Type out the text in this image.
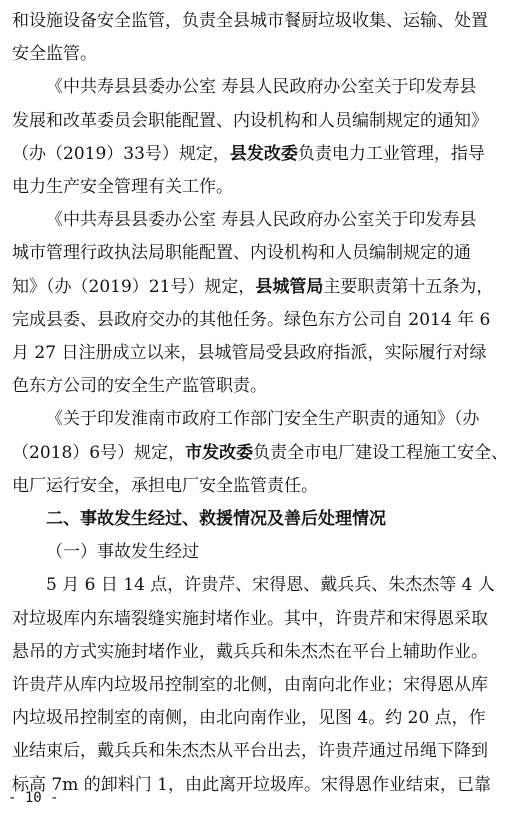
和设施设备安全监管，负责全县城市餐厨垃圾收集、运输、处置
安全监管。
《中共寿县县委办公室 寿县人民政府办公室关于印发寿县
发展和改革委员会职能配置、内设机构和人员编制规定的通知》
（办（2019）33号）规定，县发改委负责电力工业管理，指导
电力生产安全管理有关工作。
《中共寿县县委办公室 寿县人民政府办公室关于印发寿县
城市管理行政执法局职能配置、内设机构和人员编制规定的通
知》（办（2019）21号）规定，县城管局主要职责第十五条为，
完成县委、县政府交办的其他任务。绿色东方公司自 2014 年 6
月 27 日注册成立以来，县城管局受县政府指派，实际履行对绿
色东方公司的安全生产监管职责。
《关于印发淮南市政府工作部门安全生产职责的通知》（办
（2018）6号）规定，市发改委负责全市电厂建设工程施工安全、
电厂运行安全，承担电厂安全监管责任。
二、事故发生经过、救援情况及善后处理情况
（一）事故发生经过
5 月 6 日 14 点，许贵芹、宋得恩、戴兵兵、朱杰杰等 4 人
对垃圾库内东墙裂缝实施封堵作业。其中，许贵芹和宋得恩采取
悬吊的方式实施封堵作业，戴兵兵和朱杰杰在平台上辅助作业。
许贵芹从库内垃圾吊控制室的北侧，由南向北作业；宋得恩从库
内垃圾吊控制室的南侧，由北向南作业，见图 4。约 20 点，作
业结束后，戴兵兵和朱杰杰从平台出去，许贵芹通过吊绳下降到
标高 7m 的卸料门 1，由此离开垃圾库。宋得恩作业结束，已靠
- 10 -
